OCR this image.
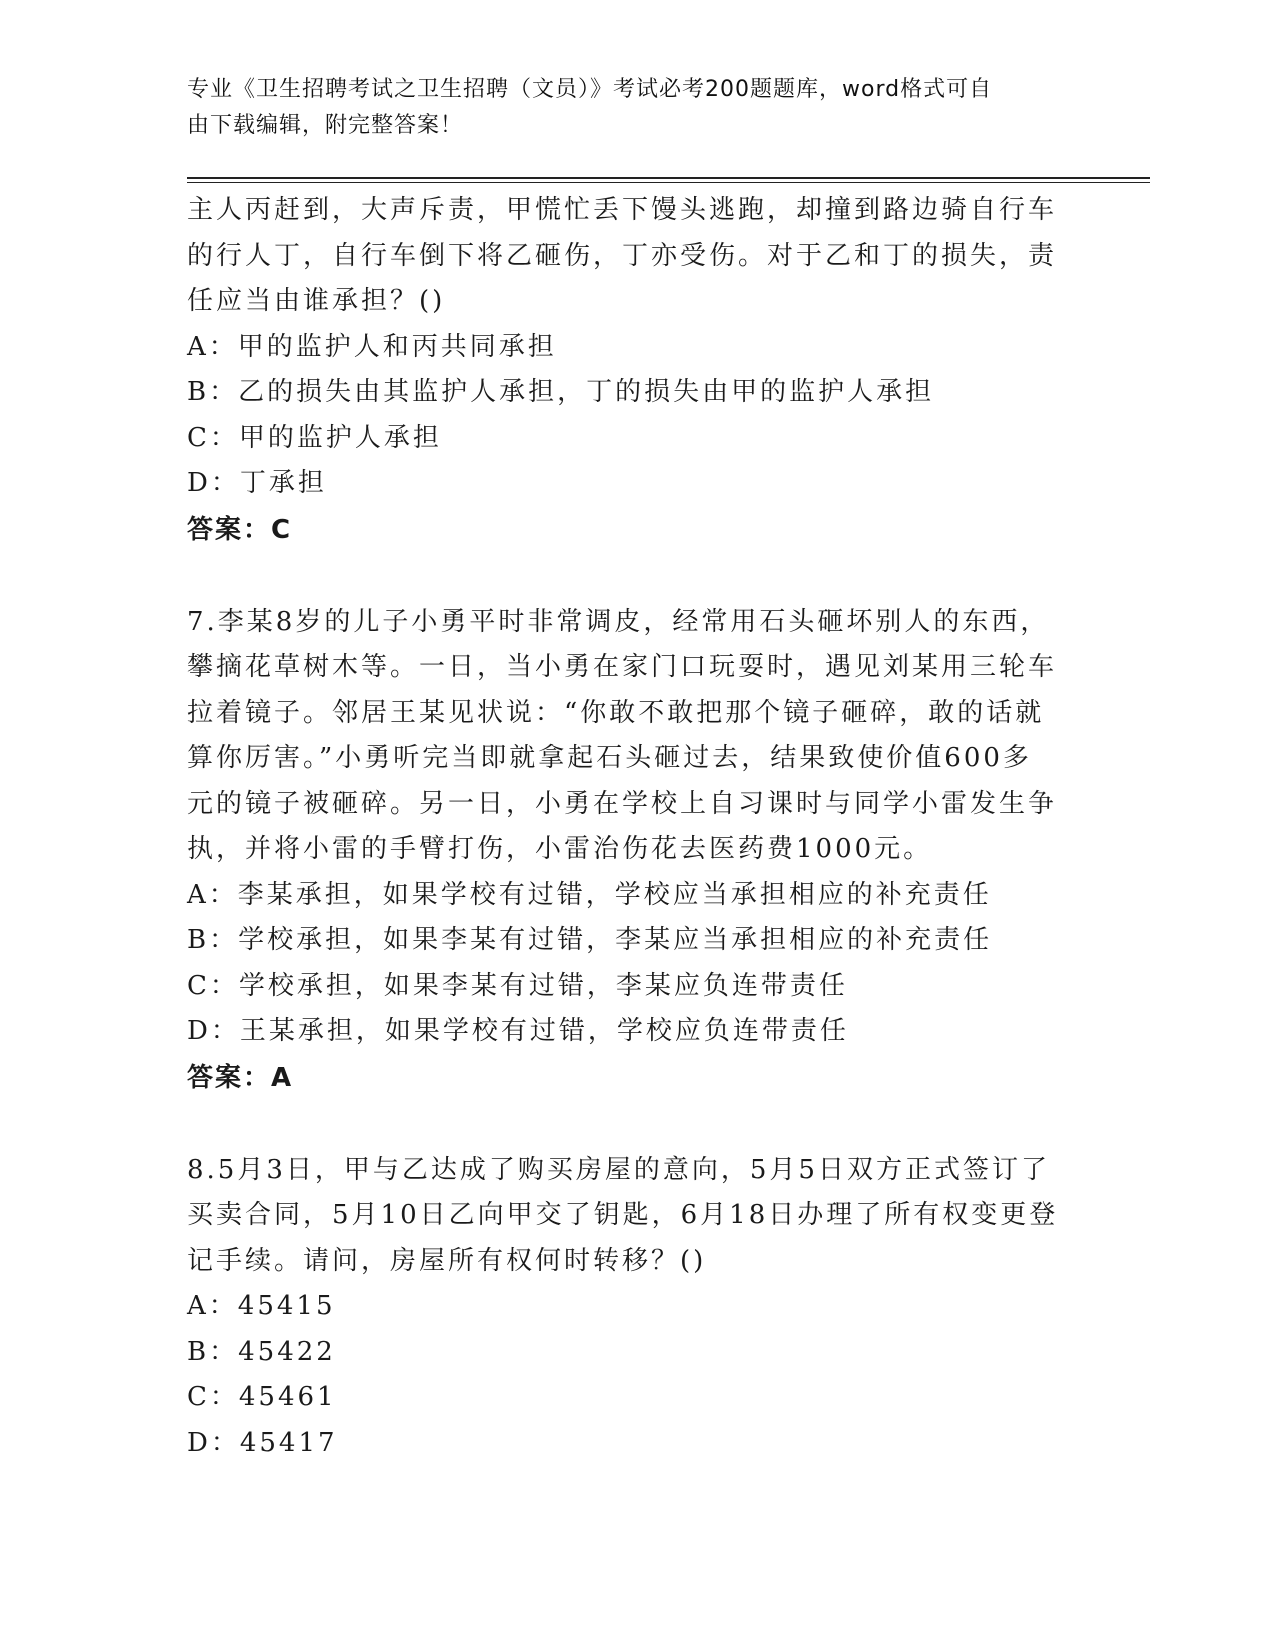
专业《卫生招聘考试之卫生招聘（文员）》考试必考200题题库，word格式可自
由下载编辑，附完整答案！
主人丙赶到，大声斥责，甲慌忙丢下馒头逃跑，却撞到路边骑自行车
的行人丁，自行车倒下将乙砸伤，丁亦受伤。对于乙和丁的损失，责
任应当由谁承担？()
A：甲的监护人和丙共同承担
B：乙的损失由其监护人承担，丁的损失由甲的监护人承担
C：甲的监护人承担
D：丁承担
答案：C
7.李某8岁的儿子小勇平时非常调皮，经常用石头砸坏别人的东西，
攀摘花草树木等。一日，当小勇在家门口玩耍时，遇见刘某用三轮车
拉着镜子。邻居王某见状说：“你敢不敢把那个镜子砸碎，敢的话就
算你厉害。”小勇听完当即就拿起石头砸过去，结果致使价值600多
元的镜子被砸碎。另一日，小勇在学校上自习课时与同学小雷发生争
执，并将小雷的手臂打伤，小雷治伤花去医药费1000元。
A：李某承担，如果学校有过错，学校应当承担相应的补充责任
B：学校承担，如果李某有过错，李某应当承担相应的补充责任
C：学校承担，如果李某有过错，李某应负连带责任
D：王某承担，如果学校有过错，学校应负连带责任
答案：A
8.5月3日，甲与乙达成了购买房屋的意向，5月5日双方正式签订了
买卖合同，5月10日乙向甲交了钥匙，6月18日办理了所有权变更登
记手续。请问，房屋所有权何时转移？()
A：45415
B：45422
C：45461
D：45417
